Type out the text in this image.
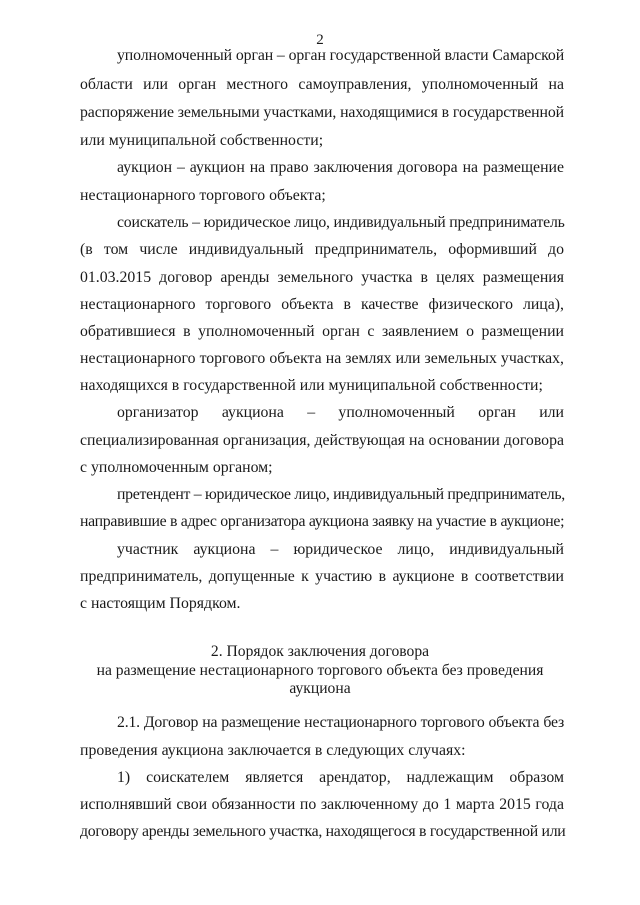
2
уполномоченный орган – орган государственной власти Самарской
области или орган местного самоуправления, уполномоченный на
распоряжение земельными участками, находящимися в государственной
или муниципальной собственности;
аукцион – аукцион на право заключения договора на размещение
нестационарного торгового объекта;
соискатель – юридическое лицо, индивидуальный предприниматель
(в том числе индивидуальный предприниматель, оформивший до
01.03.2015 договор аренды земельного участка в целях размещения
нестационарного торгового объекта в качестве физического лица),
обратившиеся в уполномоченный орган с заявлением о размещении
нестационарного торгового объекта на землях или земельных участках,
находящихся в государственной или муниципальной собственности;
организатор аукциона – уполномоченный орган или
специализированная организация, действующая на основании договора
с уполномоченным органом;
претендент – юридическое лицо, индивидуальный предприниматель,
направившие в адрес организатора аукциона заявку на участие в аукционе;
участник аукциона – юридическое лицо, индивидуальный
предприниматель, допущенные к участию в аукционе в соответствии
с настоящим Порядком.
2. Порядок заключения договора
на размещение нестационарного торгового объекта без проведения
аукциона
2.1. Договор на размещение нестационарного торгового объекта без
проведения аукциона заключается в следующих случаях:
1) соискателем является арендатор, надлежащим образом
исполнявший свои обязанности по заключенному до 1 марта 2015 года
договору аренды земельного участка, находящегося в государственной или
